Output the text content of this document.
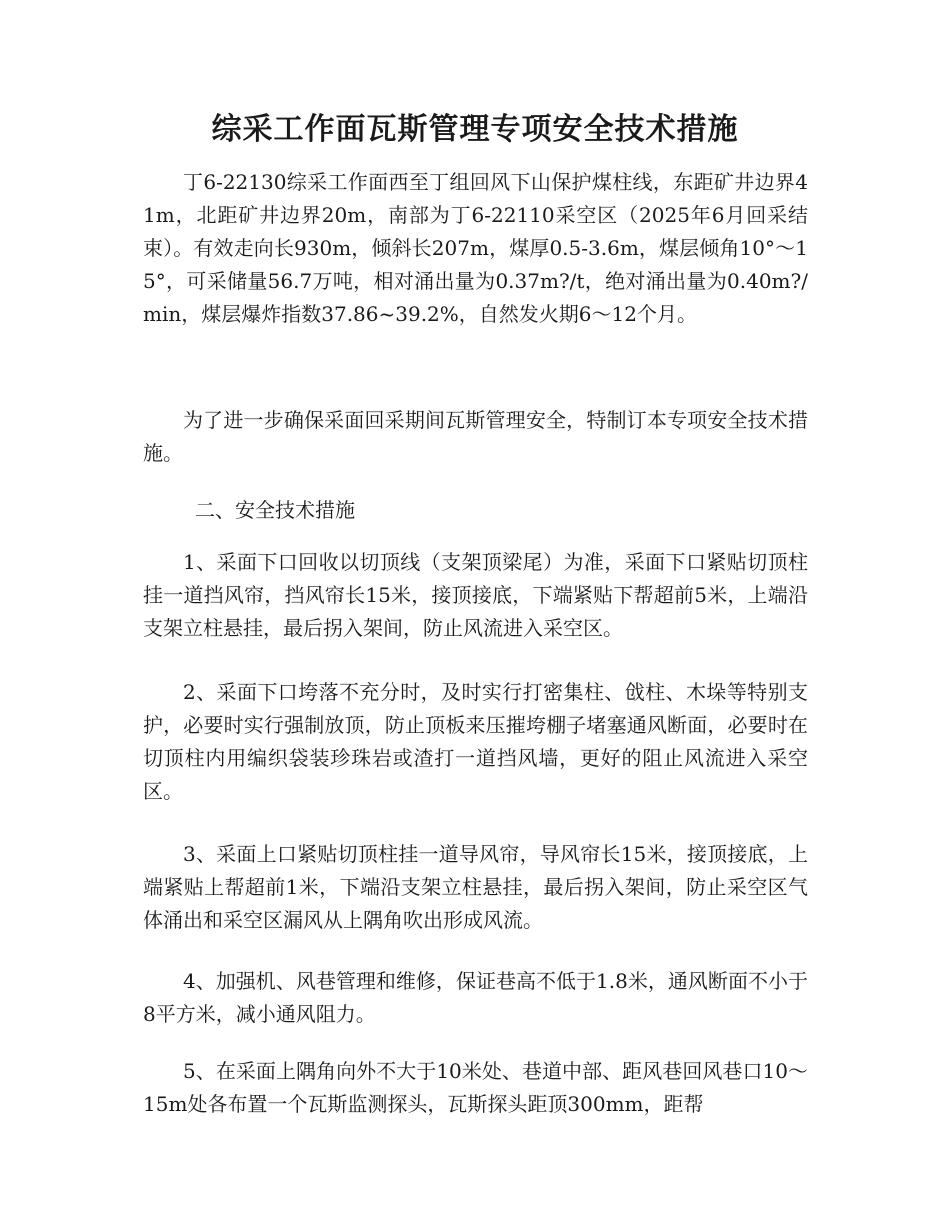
综采工作面瓦斯管理专项安全技术措施

丁6-22130综采工作面西至丁组回风下山保护煤柱线，东距矿井边界41m，北距矿井边界20m，南部为丁6-22110采空区（2025年6月回采结束）。有效走向长930m，倾斜长207m，煤厚0.5-3.6m，煤层倾角10°～15°，可采储量56.7万吨，相对涌出量为0.37m?/t，绝对涌出量为0.40m?/min，煤层爆炸指数37.86~39.2%，自然发火期6～12个月。

为了进一步确保采面回采期间瓦斯管理安全，特制订本专项安全技术措施。

二、安全技术措施

1、采面下口回收以切顶线（支架顶梁尾）为准，采面下口紧贴切顶柱挂一道挡风帘，挡风帘长15米，接顶接底，下端紧贴下帮超前5米，上端沿支架立柱悬挂，最后拐入架间，防止风流进入采空区。

2、采面下口垮落不充分时，及时实行打密集柱、戗柱、木垛等特别支护，必要时实行强制放顶，防止顶板来压摧垮棚子堵塞通风断面，必要时在切顶柱内用编织袋装珍珠岩或渣打一道挡风墙，更好的阻止风流进入采空区。

3、采面上口紧贴切顶柱挂一道导风帘，导风帘长15米，接顶接底，上端紧贴上帮超前1米，下端沿支架立柱悬挂，最后拐入架间，防止采空区气体涌出和采空区漏风从上隅角吹出形成风流。

4、加强机、风巷管理和维修，保证巷高不低于1.8米，通风断面不小于8平方米，减小通风阻力。

5、在采面上隅角向外不大于10米处、巷道中部、距风巷回风巷口10～15m处各布置一个瓦斯监测探头，瓦斯探头距顶300mm，距帮
